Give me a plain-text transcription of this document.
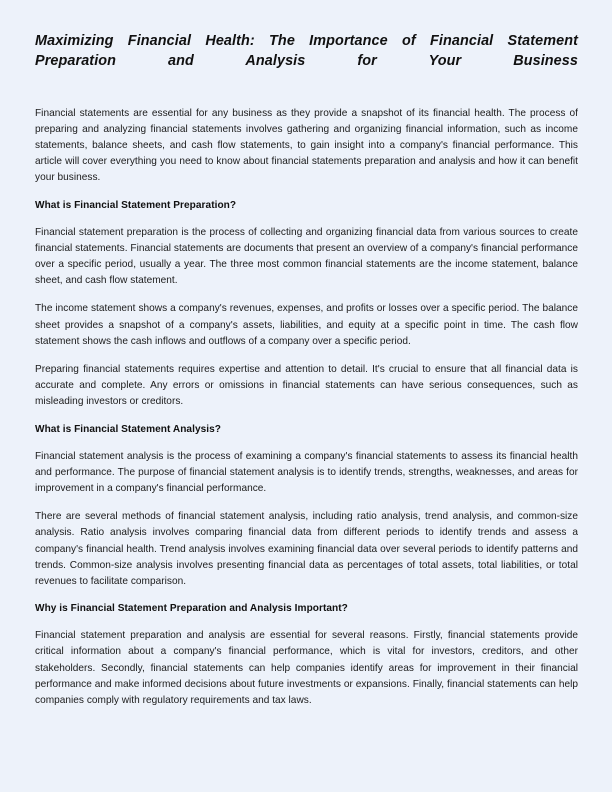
Maximizing Financial Health: The Importance of Financial Statement Preparation and Analysis for Your Business

Financial statements are essential for any business as they provide a snapshot of its financial health. The process of preparing and analyzing financial statements involves gathering and organizing financial information, such as income statements, balance sheets, and cash flow statements, to gain insight into a company's financial performance. This article will cover everything you need to know about financial statements preparation and analysis and how it can benefit your business.

What is Financial Statement Preparation?

Financial statement preparation is the process of collecting and organizing financial data from various sources to create financial statements. Financial statements are documents that present an overview of a company's financial performance over a specific period, usually a year. The three most common financial statements are the income statement, balance sheet, and cash flow statement.

The income statement shows a company's revenues, expenses, and profits or losses over a specific period. The balance sheet provides a snapshot of a company's assets, liabilities, and equity at a specific point in time. The cash flow statement shows the cash inflows and outflows of a company over a specific period.

Preparing financial statements requires expertise and attention to detail. It's crucial to ensure that all financial data is accurate and complete. Any errors or omissions in financial statements can have serious consequences, such as misleading investors or creditors.

What is Financial Statement Analysis?

Financial statement analysis is the process of examining a company's financial statements to assess its financial health and performance. The purpose of financial statement analysis is to identify trends, strengths, weaknesses, and areas for improvement in a company's financial performance.

There are several methods of financial statement analysis, including ratio analysis, trend analysis, and common-size analysis. Ratio analysis involves comparing financial data from different periods to identify trends and assess a company's financial health. Trend analysis involves examining financial data over several periods to identify patterns and trends. Common-size analysis involves presenting financial data as percentages of total assets, total liabilities, or total revenues to facilitate comparison.

Why is Financial Statement Preparation and Analysis Important?

Financial statement preparation and analysis are essential for several reasons. Firstly, financial statements provide critical information about a company's financial performance, which is vital for investors, creditors, and other stakeholders. Secondly, financial statements can help companies identify areas for improvement in their financial performance and make informed decisions about future investments or expansions. Finally, financial statements can help companies comply with regulatory requirements and tax laws.
